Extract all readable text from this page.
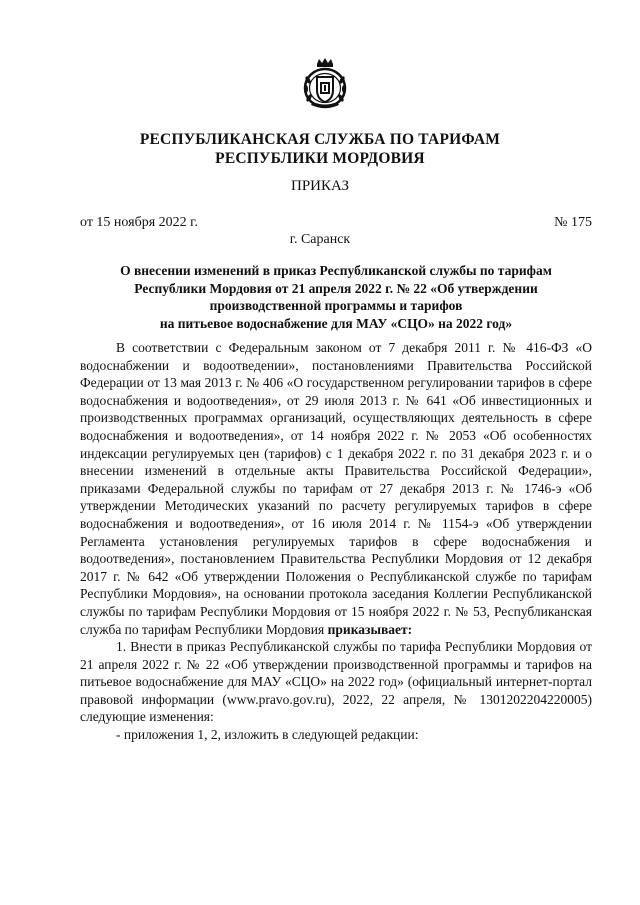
РЕСПУБЛИКАНСКАЯ СЛУЖБА ПО ТАРИФАМ
РЕСПУБЛИКИ МОРДОВИЯ
ПРИКАЗ
от 15 ноября 2022 г.	№ 175
г. Саранск
О внесении изменений в приказ Республиканской службы по тарифам
Республики Мордовия от 21 апреля 2022 г. № 22 «Об утверждении
производственной программы и тарифов
на питьевое водоснабжение для МАУ «СЦО» на 2022 год»

В соответствии с Федеральным законом от 7 декабря 2011 г. № 416-ФЗ «О водоснабжении и водоотведении», постановлениями Правительства Российской Федерации от 13 мая 2013 г. № 406 «О государственном регулировании тарифов в сфере водоснабжения и водоотведения», от 29 июля 2013 г. № 641 «Об инвестиционных и производственных программах организаций, осуществляющих деятельность в сфере водоснабжения и водоотведения», от 14 ноября 2022 г. № 2053 «Об особенностях индексации регулируемых цен (тарифов) с 1 декабря 2022 г. по 31 декабря 2023 г. и о внесении изменений в отдельные акты Правительства Российской Федерации», приказами Федеральной службы по тарифам от 27 декабря 2013 г. № 1746-э «Об утверждении Методических указаний по расчету регулируемых тарифов в сфере водоснабжения и водоотведения», от 16 июля 2014 г. № 1154-э «Об утверждении Регламента установления регулируемых тарифов в сфере водоснабжения и водоотведения», постановлением Правительства Республики Мордовия от 12 декабря 2017 г. № 642 «Об утверждении Положения о Республиканской службе по тарифам Республики Мордовия», на основании протокола заседания Коллегии Республиканской службы по тарифам Республики Мордовия от 15 ноября 2022 г. № 53, Республиканская служба по тарифам Республики Мордовия приказывает:

1. Внести в приказ Республиканской службы по тарифа Республики Мордовия от 21 апреля 2022 г. № 22 «Об утверждении производственной программы и тарифов на питьевое водоснабжение для МАУ «СЦО» на 2022 год» (официальный интернет-портал правовой информации (www.pravo.gov.ru), 2022, 22 апреля, № 1301202204220005) следующие изменения:

- приложения 1, 2, изложить в следующей редакции:
